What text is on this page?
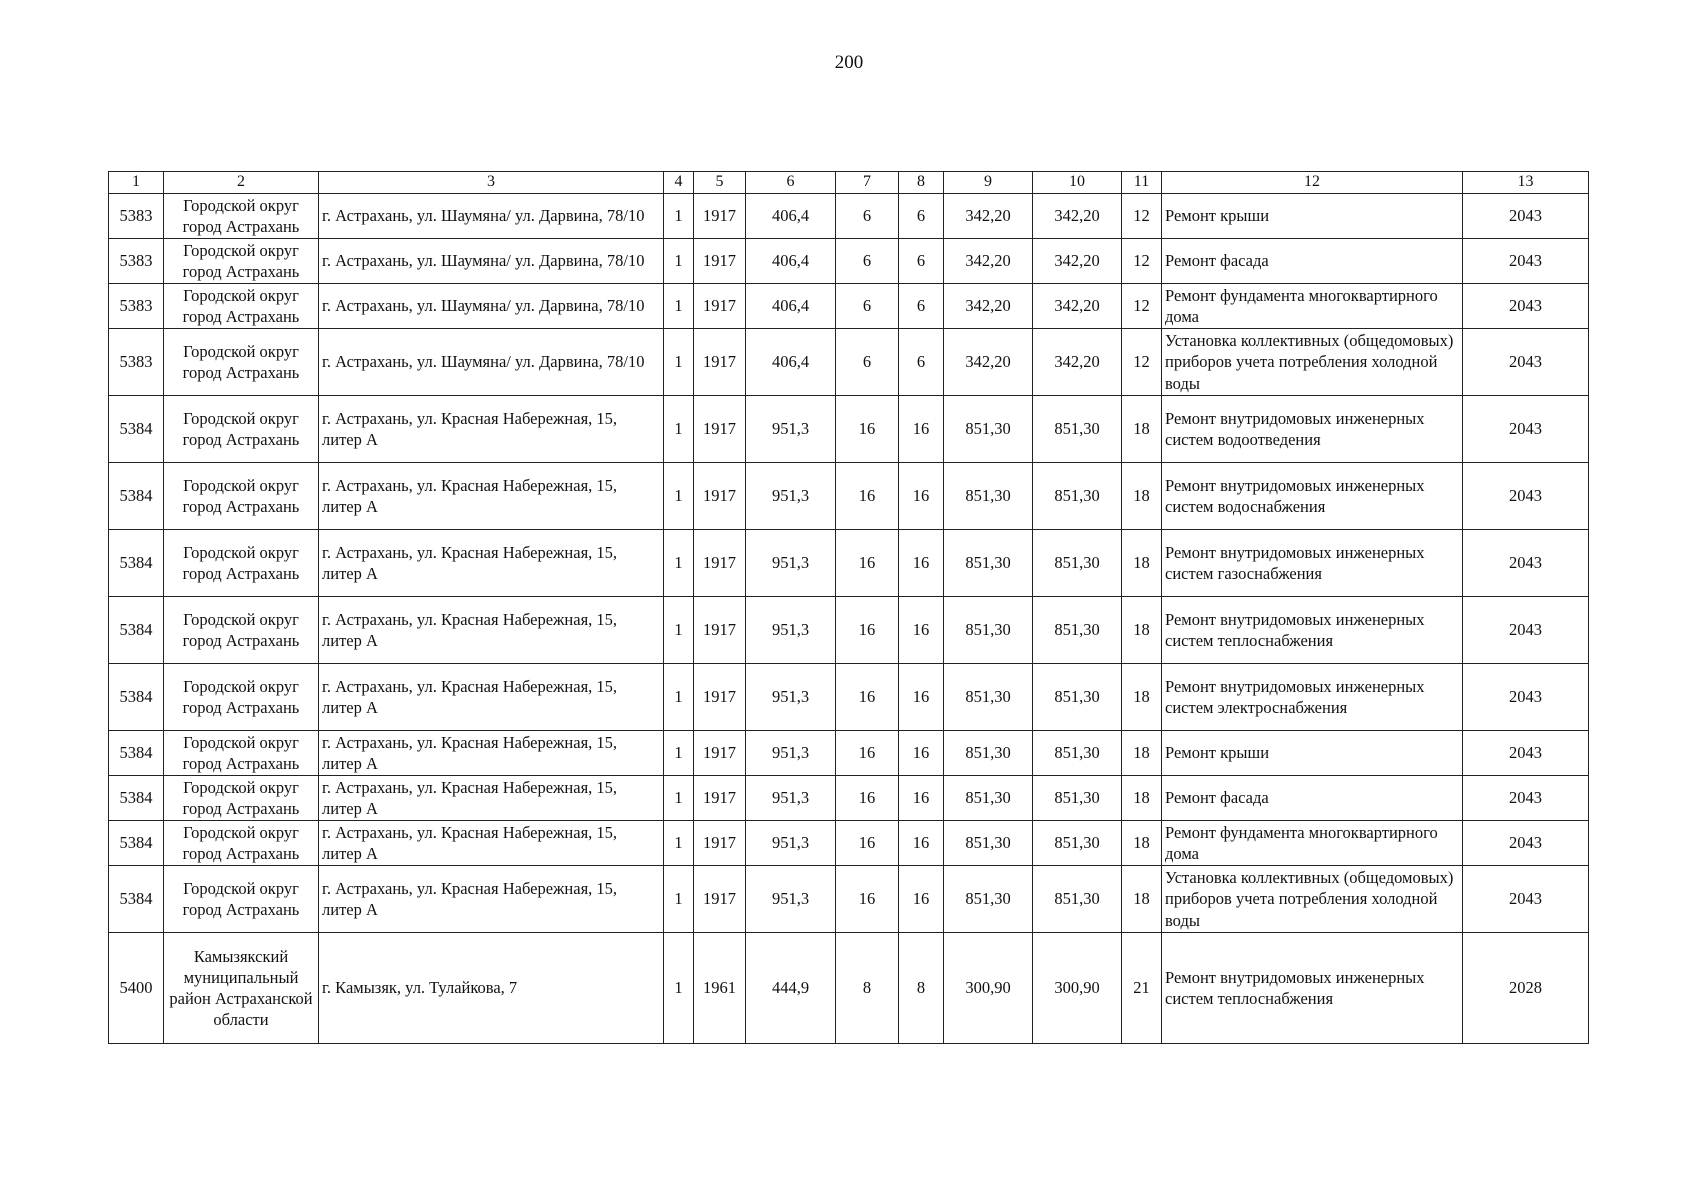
200
1	2	3	4	5	6	7	8	9	10	11	12	13
5383	Городской округ город Астрахань	г. Астрахань, ул. Шаумяна/ ул. Дарвина, 78/10	1	1917	406,4	6	6	342,20	342,20	12	Ремонт крыши	2043
5383	Городской округ город Астрахань	г. Астрахань, ул. Шаумяна/ ул. Дарвина, 78/10	1	1917	406,4	6	6	342,20	342,20	12	Ремонт фасада	2043
5383	Городской округ город Астрахань	г. Астрахань, ул. Шаумяна/ ул. Дарвина, 78/10	1	1917	406,4	6	6	342,20	342,20	12	Ремонт фундамента многоквартирного дома	2043
5383	Городской округ город Астрахань	г. Астрахань, ул. Шаумяна/ ул. Дарвина, 78/10	1	1917	406,4	6	6	342,20	342,20	12	Установка коллективных (общедомовых) приборов учета потребления холодной воды	2043
5384	Городской округ город Астрахань	г. Астрахань, ул. Красная Набережная, 15, литер А	1	1917	951,3	16	16	851,30	851,30	18	Ремонт внутридомовых инженерных систем водоотведения	2043
5384	Городской округ город Астрахань	г. Астрахань, ул. Красная Набережная, 15, литер А	1	1917	951,3	16	16	851,30	851,30	18	Ремонт внутридомовых инженерных систем водоснабжения	2043
5384	Городской округ город Астрахань	г. Астрахань, ул. Красная Набережная, 15, литер А	1	1917	951,3	16	16	851,30	851,30	18	Ремонт внутридомовых инженерных систем газоснабжения	2043
5384	Городской округ город Астрахань	г. Астрахань, ул. Красная Набережная, 15, литер А	1	1917	951,3	16	16	851,30	851,30	18	Ремонт внутридомовых инженерных систем теплоснабжения	2043
5384	Городской округ город Астрахань	г. Астрахань, ул. Красная Набережная, 15, литер А	1	1917	951,3	16	16	851,30	851,30	18	Ремонт внутридомовых инженерных систем электроснабжения	2043
5384	Городской округ город Астрахань	г. Астрахань, ул. Красная Набережная, 15, литер А	1	1917	951,3	16	16	851,30	851,30	18	Ремонт крыши	2043
5384	Городской округ город Астрахань	г. Астрахань, ул. Красная Набережная, 15, литер А	1	1917	951,3	16	16	851,30	851,30	18	Ремонт фасада	2043
5384	Городской округ город Астрахань	г. Астрахань, ул. Красная Набережная, 15, литер А	1	1917	951,3	16	16	851,30	851,30	18	Ремонт фундамента многоквартирного дома	2043
5384	Городской округ город Астрахань	г. Астрахань, ул. Красная Набережная, 15, литер А	1	1917	951,3	16	16	851,30	851,30	18	Установка коллективных (общедомовых) приборов учета потребления холодной воды	2043
5400	Камызякский муниципальный район Астраханской области	г. Камызяк, ул. Тулайкова, 7	1	1961	444,9	8	8	300,90	300,90	21	Ремонт внутридомовых инженерных систем теплоснабжения	2028
